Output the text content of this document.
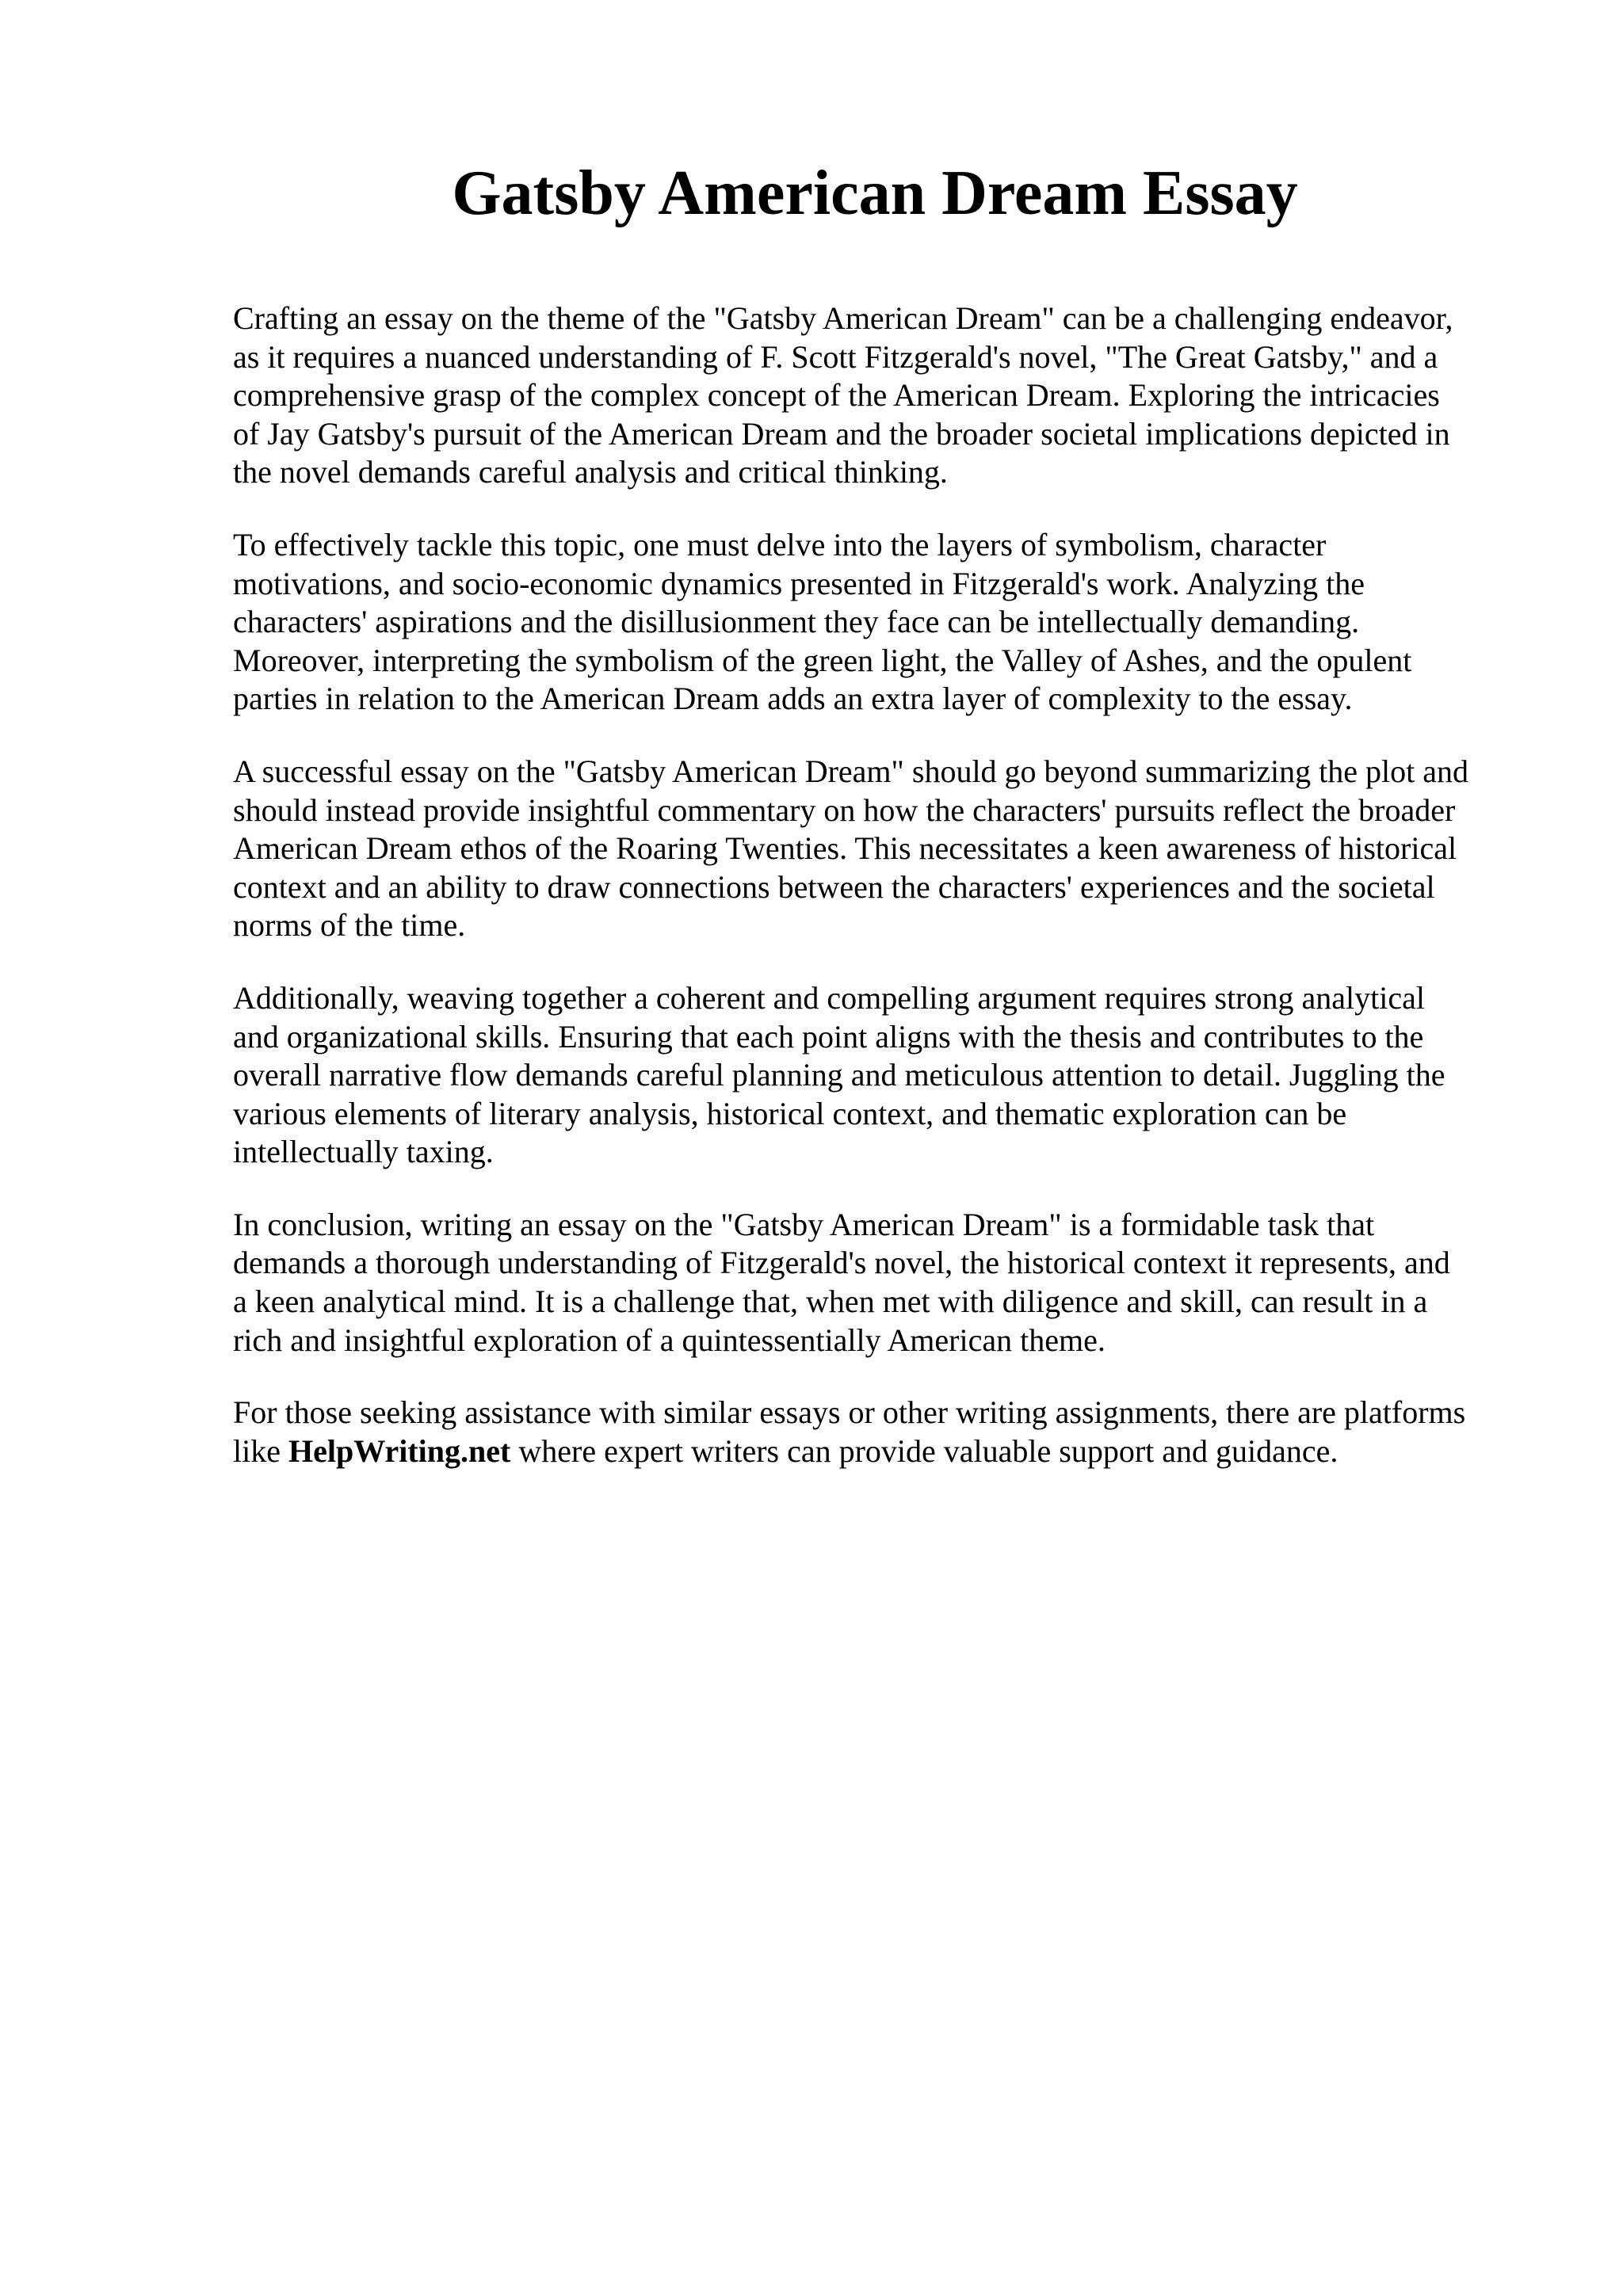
Gatsby American Dream Essay

Crafting an essay on the theme of the "Gatsby American Dream" can be a challenging endeavor,
as it requires a nuanced understanding of F. Scott Fitzgerald's novel, "The Great Gatsby," and a
comprehensive grasp of the complex concept of the American Dream. Exploring the intricacies
of Jay Gatsby's pursuit of the American Dream and the broader societal implications depicted in
the novel demands careful analysis and critical thinking.

To effectively tackle this topic, one must delve into the layers of symbolism, character
motivations, and socio-economic dynamics presented in Fitzgerald's work. Analyzing the
characters' aspirations and the disillusionment they face can be intellectually demanding.
Moreover, interpreting the symbolism of the green light, the Valley of Ashes, and the opulent
parties in relation to the American Dream adds an extra layer of complexity to the essay.

A successful essay on the "Gatsby American Dream" should go beyond summarizing the plot and
should instead provide insightful commentary on how the characters' pursuits reflect the broader
American Dream ethos of the Roaring Twenties. This necessitates a keen awareness of historical
context and an ability to draw connections between the characters' experiences and the societal
norms of the time.

Additionally, weaving together a coherent and compelling argument requires strong analytical
and organizational skills. Ensuring that each point aligns with the thesis and contributes to the
overall narrative flow demands careful planning and meticulous attention to detail. Juggling the
various elements of literary analysis, historical context, and thematic exploration can be
intellectually taxing.

In conclusion, writing an essay on the "Gatsby American Dream" is a formidable task that
demands a thorough understanding of Fitzgerald's novel, the historical context it represents, and
a keen analytical mind. It is a challenge that, when met with diligence and skill, can result in a
rich and insightful exploration of a quintessentially American theme.

For those seeking assistance with similar essays or other writing assignments, there are platforms
like HelpWriting.net where expert writers can provide valuable support and guidance.
